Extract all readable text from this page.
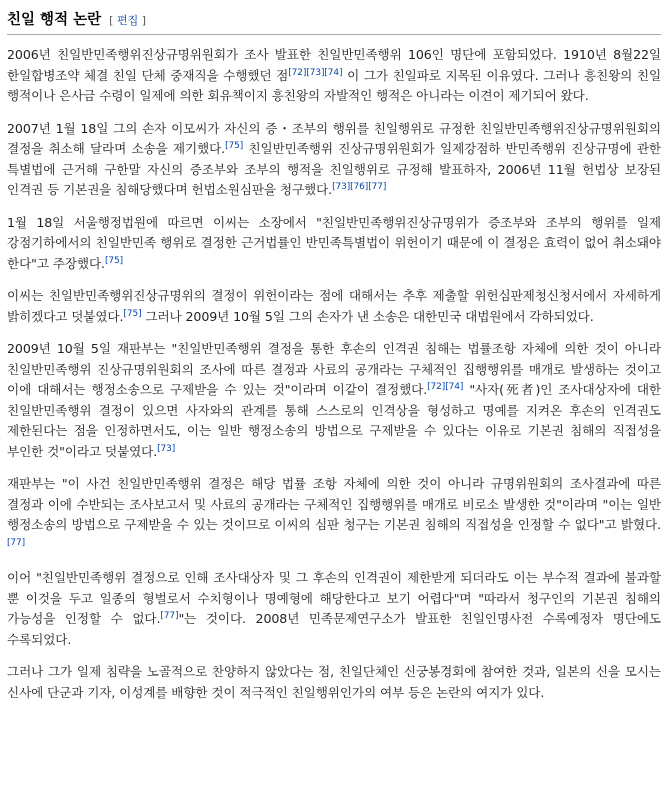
친일 행적 논란 [ 편집 ]

2006년 친일반민족행위진상규명위원회가 조사 발표한 친일반민족행위 106인 명단에 포함되었다. 1910년 8월22일 한일합병조약 체결 친일 단체 중재직을 수행했던 점[72][73][74] 이 그가 친일파로 지목된 이유였다. 그러나 흥친왕의 친일 행적이나 은사금 수령이 일제에 의한 회유책이지 흥친왕의 자발적인 행적은 아니라는 이견이 제기되어 왔다.

2007년 1월 18일 그의 손자 이모씨가 자신의 증・조부의 행위를 친일행위로 규정한 친일반민족행위진상규명위원회의 결정을 취소해 달라며 소송을 제기했다.[75] 친일반민족행위 진상규명위원회가 일제강점하 반민족행위 진상규명에 관한 특별법에 근거해 구한말 자신의 증조부와 조부의 행적을 친일행위로 규정해 발표하자, 2006년 11월 헌법상 보장된 인격권 등 기본권을 침해당했다며 헌법소원심판을 청구했다.[73][76][77]

1월 18일 서울행정법원에 따르면 이씨는 소장에서 "친일반민족행위진상규명위가 증조부와 조부의 행위를 일제 강점기하에서의 친일반민족 행위로 결정한 근거법률인 반민족특별법이 위헌이기 때문에 이 결정은 효력이 없어 취소돼야 한다"고 주장했다.[75]

이씨는 친일반민족행위진상규명위의 결정이 위헌이라는 점에 대해서는 추후 제출할 위헌심판제청신청서에서 자세하게 밝히겠다고 덧붙였다.[75] 그러나 2009년 10월 5일 그의 손자가 낸 소송은 대한민국 대법원에서 각하되었다.

2009년 10월 5일 재판부는 "친일반민족행위 결정을 통한 후손의 인격권 침해는 법률조항 자체에 의한 것이 아니라 친일반민족행위 진상규명위원회의 조사에 따른 결정과 사료의 공개라는 구체적인 집행행위를 매개로 발생하는 것이고 이에 대해서는 행정소송으로 구제받을 수 있는 것"이라며 이같이 결정했다.[72][74] "사자(死者)인 조사대상자에 대한 친일반민족행위 결정이 있으면 사자와의 관계를 통해 스스로의 인격상을 형성하고 명예를 지켜온 후손의 인격권도 제한된다는 점을 인정하면서도, 이는 일반 행정소송의 방법으로 구제받을 수 있다는 이유로 기본권 침해의 직접성을 부인한 것"이라고 덧붙였다.[73]

재판부는 "이 사건 친일반민족행위 결정은 해당 법률 조항 자체에 의한 것이 아니라 규명위원회의 조사결과에 따른 결정과 이에 수반되는 조사보고서 및 사료의 공개라는 구체적인 집행행위를 매개로 비로소 발생한 것"이라며 "이는 일반 행정소송의 방법으로 구제받을 수 있는 것이므로 이씨의 심판 청구는 기본권 침해의 직접성을 인정할 수 없다"고 밝혔다.[77]

이어 "친일반민족행위 결정으로 인해 조사대상자 및 그 후손의 인격권이 제한받게 되더라도 이는 부수적 결과에 불과할 뿐 이것을 두고 일종의 형벌로서 수치형이나 명예형에 해당한다고 보기 어렵다"며 "따라서 청구인의 기본권 침해의 가능성을 인정할 수 없다.[77]"는 것이다. 2008년 민족문제연구소가 발표한 친일인명사전 수록예정자 명단에도 수록되었다.

그러나 그가 일제 침략을 노골적으로 찬양하지 않았다는 점, 친일단체인 신궁봉경회에 참여한 것과, 일본의 신을 모시는 신사에 단군과 기자, 이성계를 배향한 것이 적극적인 친일행위인가의 여부 등은 논란의 여지가 있다.
